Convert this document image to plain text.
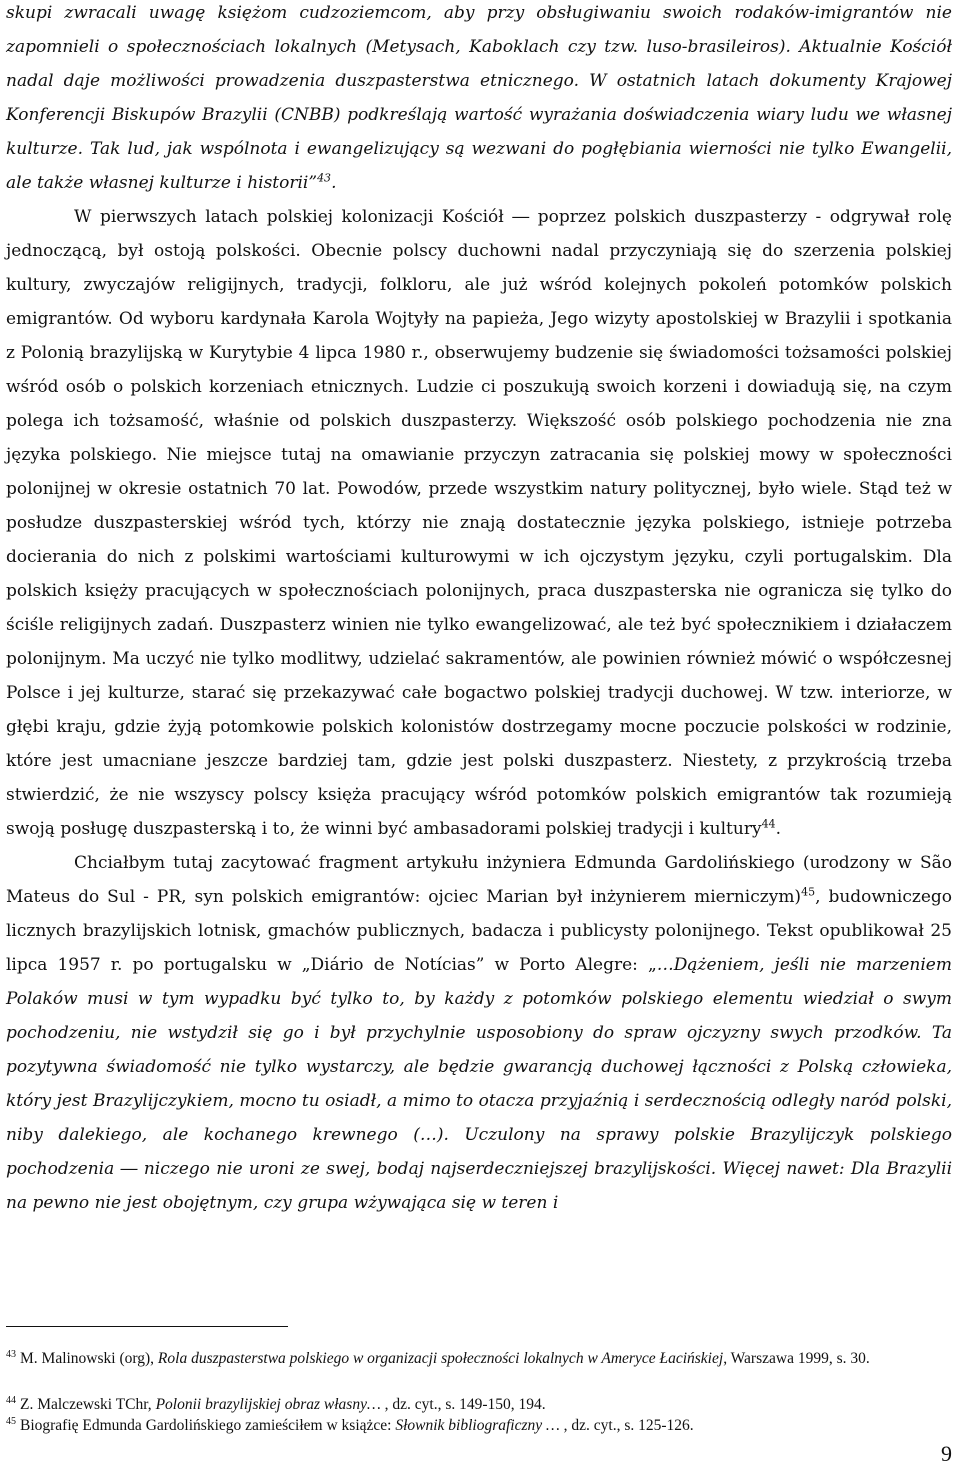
skupi zwracali uwagę księżom cudzoziemcom, aby przy obsługiwaniu swoich rodaków-imigrantów nie zapomnieli o społecznościach lokalnych (Metysach, Kaboklach czy tzw. luso-brasileiros). Aktualnie Kościół nadal daje możliwości prowadzenia duszpasterstwa etnicznego. W ostatnich latach dokumenty Krajowej Konferencji Biskupów Brazylii (CNBB) podkreślają wartość wyrażania doświadczenia wiary ludu we własnej kulturze. Tak lud, jak wspólnota i ewangelizujący są wezwani do pogłębiania wierności nie tylko Ewangelii, ale także własnej kulturze i historii”$^{43}$.

W pierwszych latach polskiej kolonizacji Kościół ― poprzez polskich duszpasterzy - odgrywał rolę jednoczącą, był ostoją polskości. Obecnie polscy duchowni nadal przyczyniają się do szerzenia polskiej kultury, zwyczajów religijnych, tradycji, folkloru, ale już wśród kolejnych pokoleń potomków polskich emigrantów. Od wyboru kardynała Karola Wojtyły na papieża, Jego wizyty apostolskiej w Brazylii i spotkania z Polonią brazylijską w Kurytybie 4 lipca 1980 r., obserwujemy budzenie się świadomości tożsamości polskiej wśród osób o polskich korzeniach etnicznych. Ludzie ci poszukują swoich korzeni i dowiadują się, na czym polega ich tożsamość, właśnie od polskich duszpasterzy. Większość osób polskiego pochodzenia nie zna języka polskiego. Nie miejsce tutaj na omawianie przyczyn zatracania się polskiej mowy w społeczności polonijnej w okresie ostatnich 70 lat. Powodów, przede wszystkim natury politycznej, było wiele. Stąd też w posłudze duszpasterskiej wśród tych, którzy nie znają dostatecznie języka polskiego, istnieje potrzeba docierania do nich z polskimi wartościami kulturowymi w ich ojczystym języku, czyli portugalskim. Dla polskich księży pracujących w społecznościach polonijnych, praca duszpasterska nie ogranicza się tylko do ściśle religijnych zadań. Duszpasterz winien nie tylko ewangelizować, ale też być społecznikiem i działaczem polonijnym. Ma uczyć nie tylko modlitwy, udzielać sakramentów, ale powinien również mówić o współczesnej Polsce i jej kulturze, starać się przekazywać całe bogactwo polskiej tradycji duchowej. W tzw. interiorze, w głębi kraju, gdzie żyją potomkowie polskich kolonistów dostrzegamy mocne poczucie polskości w rodzinie, które jest umacniane jeszcze bardziej tam, gdzie jest polski duszpasterz. Niestety, z przykrością trzeba stwierdzić, że nie wszyscy polscy księża pracujący wśród potomków polskich emigrantów tak rozumieją swoją posługę duszpasterską i to, że winni być ambasadorami polskiej tradycji i kultury$^{44}$.

Chciałbym tutaj zacytować fragment artykułu inżyniera Edmunda Gardolińskiego (urodzony w São Mateus do Sul - PR, syn polskich emigrantów: ojciec Marian był inżynierem mierniczym)$^{45}$, budowniczego licznych brazylijskich lotnisk, gmachów publicznych, badacza i publicysty polonijnego. Tekst opublikował 25 lipca 1957 r. po portugalsku w „Diário de Notícias” w Porto Alegre: „…Dążeniem, jeśli nie marzeniem Polaków musi w tym wypadku być tylko to, by każdy z potomków polskiego elementu wiedział o swym pochodzeniu, nie wstydził się go i był przychylnie usposobiony do spraw ojczyzny swych przodków. Ta pozytywna świadomość nie tylko wystarczy, ale będzie gwarancją duchowej łączności z Polską człowieka, który jest Brazylijczykiem, mocno tu osiadł, a mimo to otacza przyjaźnią i serdecznością odległy naród polski, niby dalekiego, ale kochanego krewnego (…). Uczulony na sprawy polskie Brazylijczyk polskiego pochodzenia ― niczego nie uroni ze swej, bodaj najserdeczniejszej brazylijskości. Więcej nawet: Dla Brazylii na pewno nie jest obojętnym, czy grupa wżywająca się w teren i

$^{43}$ M. Malinowski (org), Rola duszpasterstwa polskiego w organizacji społeczności lokalnych w Ameryce Łacińskiej, Warszawa 1999, s. 30.
$^{44}$ Z. Malczewski TChr, Polonii brazylijskiej obraz własny… , dz. cyt., s. 149-150, 194.
$^{45}$ Biografię Edmunda Gardolińskiego zamieściłem w książce: Słownik bibliograficzny … , dz. cyt., s. 125-126.
9
